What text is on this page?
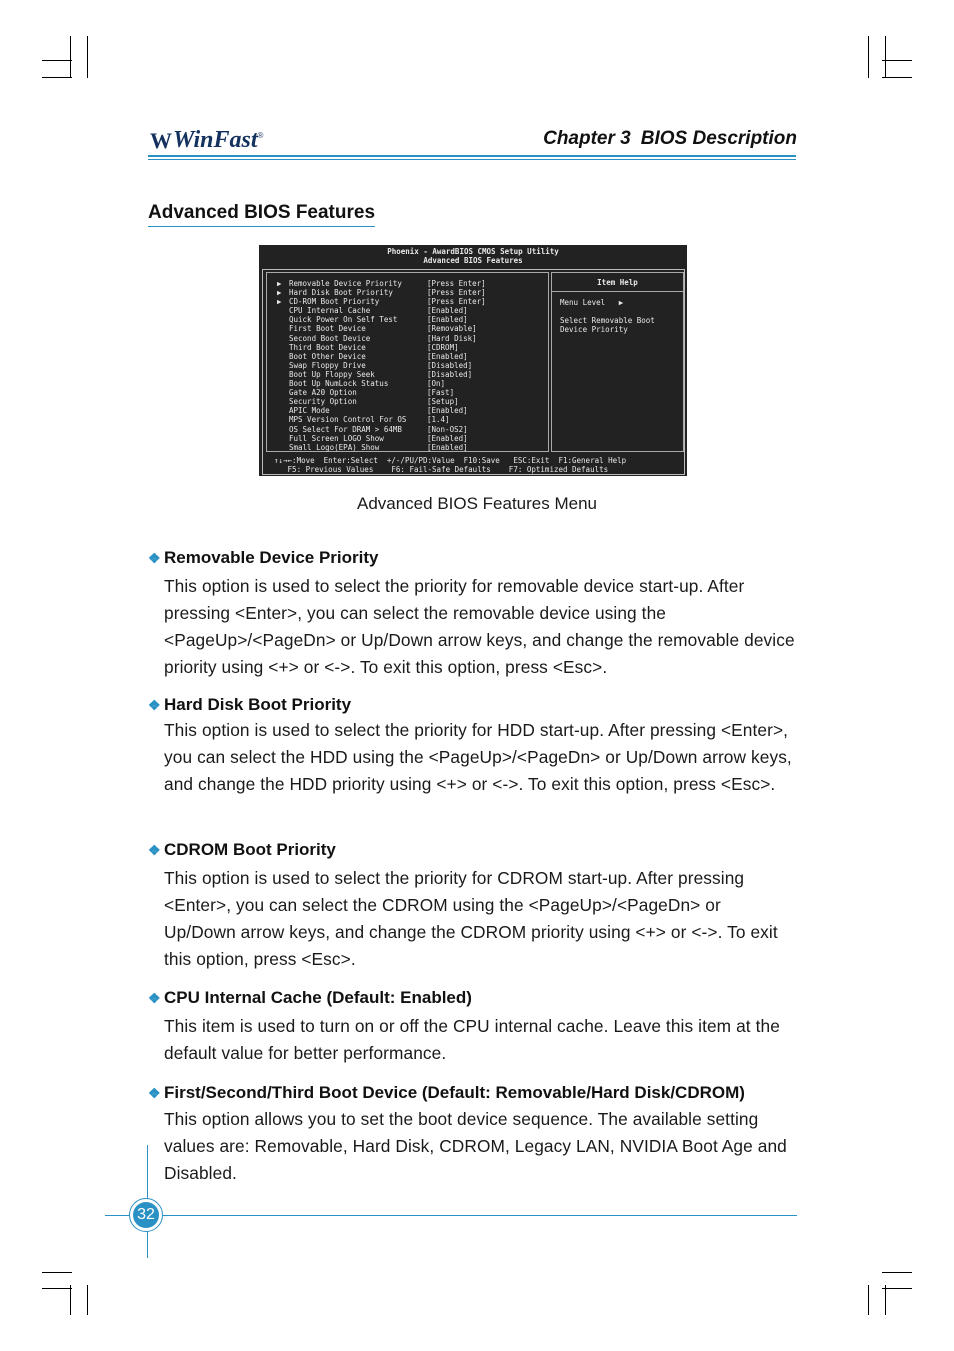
W WinFast ®	Chapter 3 BIOS Description
Advanced BIOS Features
Phoenix - AwardBIOS CMOS Setup Utility
Advanced BIOS Features
▶ Removable Device Priority	[Press Enter]
▶ Hard Disk Boot Priority	[Press Enter]
▶ CD-ROM Boot Priority	[Press Enter]
CPU Internal Cache	[Enabled]
Quick Power On Self Test	[Enabled]
First Boot Device	[Removable]
Second Boot Device	[Hard Disk]
Third Boot Device	[CDROM]
Boot Other Device	[Enabled]
Swap Floppy Drive	[Disabled]
Boot Up Floppy Seek	[Disabled]
Boot Up NumLock Status	[On]
Gate A20 Option	[Fast]
Security Option	[Setup]
APIC Mode	[Enabled]
MPS Version Control For OS	[1.4]
OS Select For DRAM > 64MB	[Non-OS2]
Full Screen LOGO Show	[Enabled]
Small Logo(EPA) Show	[Enabled]
Item Help
Menu Level   ▶
Select Removable Boot
Device Priority
↑↓→←:Move  Enter:Select  +/-/PU/PD:Value  F10:Save   ESC:Exit  F1:General Help
F5: Previous Values    F6: Fail-Safe Defaults    F7: Optimized Defaults
Advanced BIOS Features Menu
❖ Removable Device Priority
This option is used to select the priority for removable device start-up. After pressing <Enter>, you can select the removable device using the <PageUp>/<PageDn> or Up/Down arrow keys, and change the removable device priority using <+> or <->. To exit this option, press <Esc>.
❖ Hard Disk Boot Priority
This option is used to select the priority for HDD start-up. After pressing <Enter>, you can select the HDD using the <PageUp>/<PageDn> or Up/Down arrow keys, and change the HDD priority using <+> or <->. To exit this option, press <Esc>.
❖ CDROM Boot Priority
This option is used to select the priority for CDROM start-up. After pressing <Enter>, you can select the CDROM using the <PageUp>/<PageDn> or Up/Down arrow keys, and change the CDROM priority using <+> or <->. To exit this option, press <Esc>.
❖ CPU Internal Cache (Default: Enabled)
This item is used to turn on or off the CPU internal cache. Leave this item at the default value for better performance.
❖ First/Second/Third Boot Device (Default: Removable/Hard Disk/CDROM)
This option allows you to set the boot device sequence. The available setting values are: Removable, Hard Disk, CDROM, Legacy LAN, NVIDIA Boot Age and Disabled.
32
